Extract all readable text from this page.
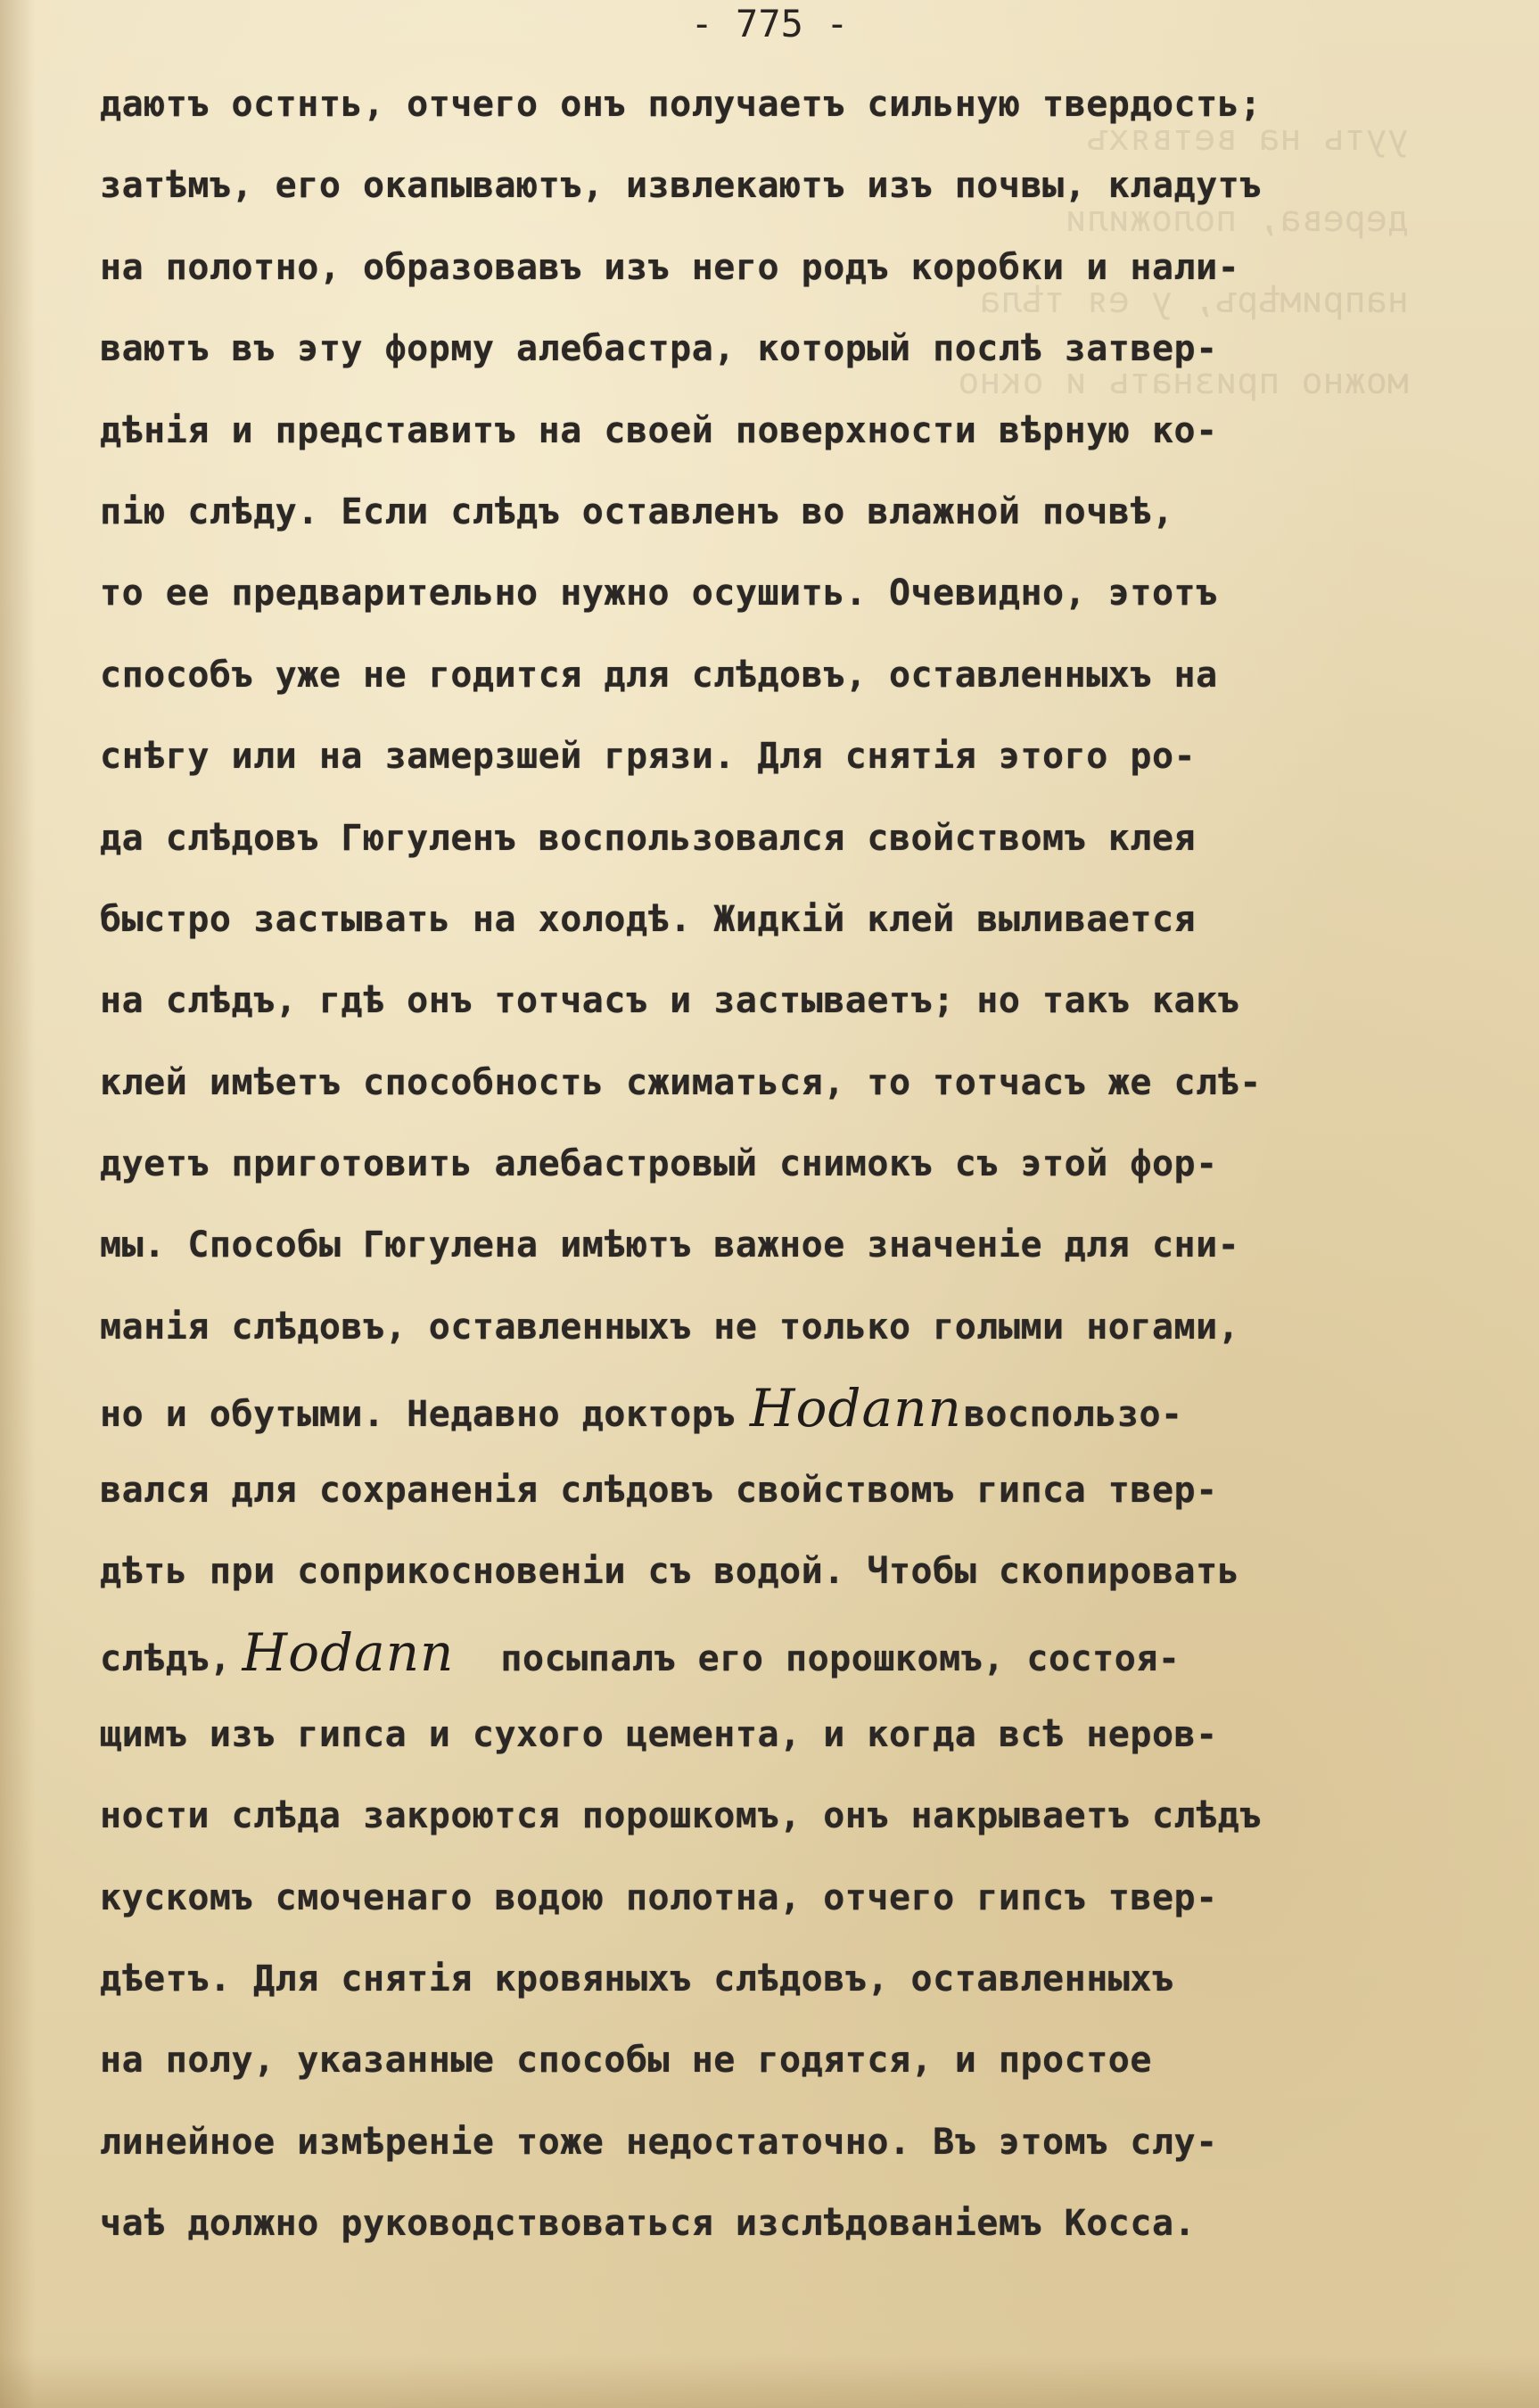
ууть на ветвяхъ
дерева, положили
напримѣръ, у ея тѣла
можно признать и окно

- 775 -
даютъ остнть, отчего онъ получаетъ сильную твердость;
затѣмъ, его окапываютъ, извлекаютъ изъ почвы, кладутъ
на полотно, образовавъ изъ него родъ коробки и нали-
ваютъ въ эту форму алебастра, который послѣ затвер-
дѣнія и представитъ на своей поверхности вѣрную ко-
пію слѣду. Если слѣдъ оставленъ во влажной почвѣ,
то ее предварительно нужно осушить. Очевидно, этотъ
способъ уже не годится для слѣдовъ, оставленныхъ на
снѣгу или на замерзшей грязи. Для снятія этого ро-
да слѣдовъ Гюгуленъ воспользовался свойствомъ клея
быстро застывать на холодѣ. Жидкій клей выливается
на слѣдъ, гдѣ онъ тотчасъ и застываетъ; но такъ какъ
клей имѣетъ способность сжиматься, то тотчасъ же слѣ-
дуетъ приготовить алебастровый снимокъ съ этой фор-
мы. Способы Гюгулена имѣютъ важное значеніе для сни-
манія слѣдовъ, оставленныхъ не только голыми ногами,
но и обутыми. Недавно докторъ Hodannвоспользо-
вался для сохраненія слѣдовъ свойствомъ гипса твер-
дѣть при соприкосновеніи съ водой. Чтобы скопировать
слѣдъ, Hodann посыпалъ его порошкомъ, состоя-
щимъ изъ гипса и сухого цемента, и когда всѣ неров-
ности слѣда закроются порошкомъ, онъ накрываетъ слѣдъ
кускомъ смоченаго водою полотна, отчего гипсъ твер-
дѣетъ. Для снятія кровяныхъ слѣдовъ, оставленныхъ
на полу, указанные способы не годятся, и простое
линейное измѣреніе тоже недостаточно. Въ этомъ слу-
чаѣ должно руководствоваться изслѣдованіемъ Косса.
